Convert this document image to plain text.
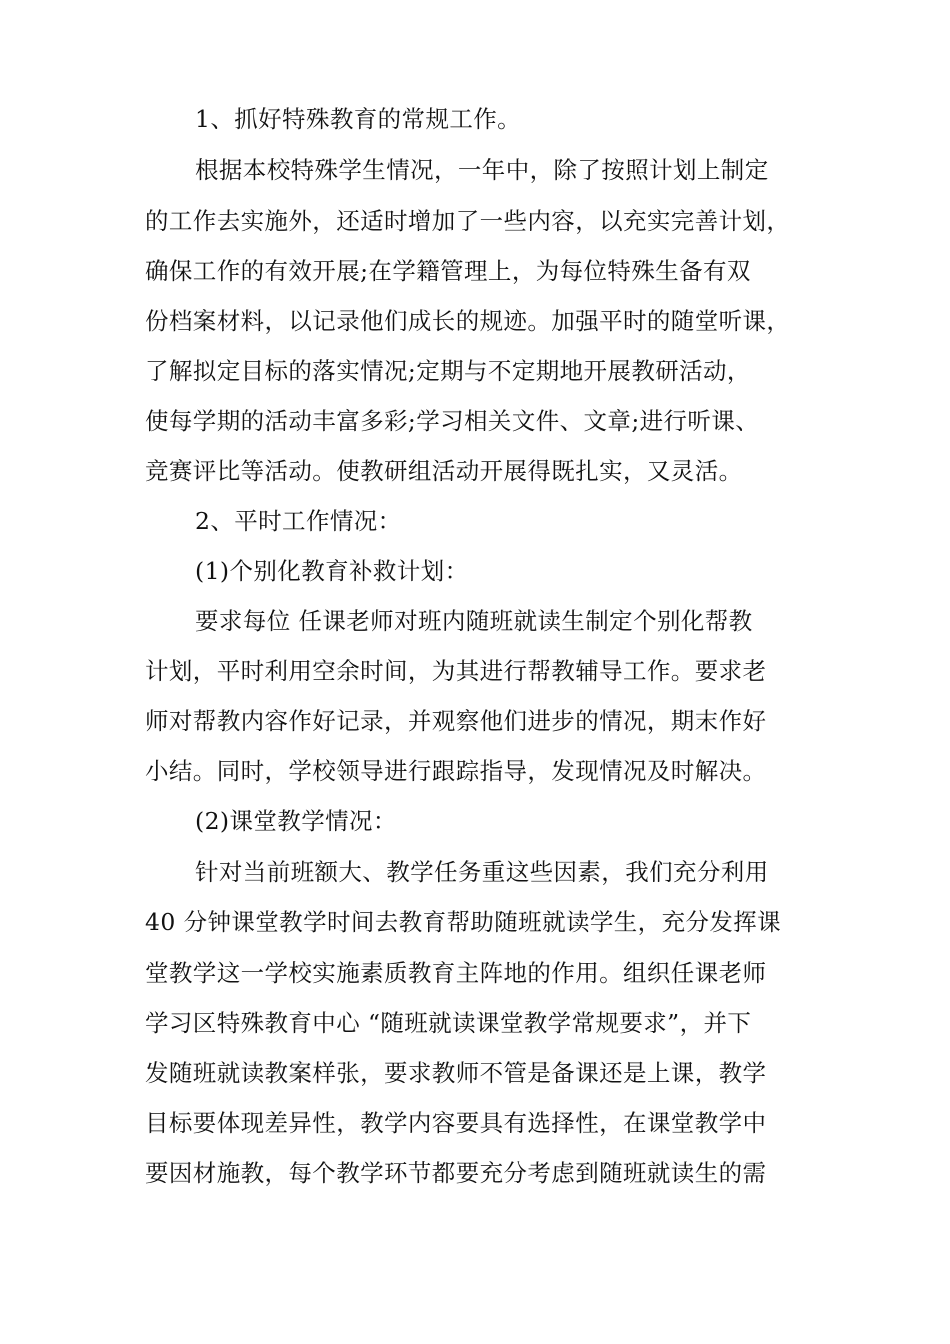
1、抓好特殊教育的常规工作。
根据本校特殊学生情况，一年中，除了按照计划上制定
的工作去实施外，还适时增加了一些内容，以充实完善计划，
确保工作的有效开展;在学籍管理上，为每位特殊生备有双
份档案材料，以记录他们成长的规迹。加强平时的随堂听课，
了解拟定目标的落实情况;定期与不定期地开展教研活动，
使每学期的活动丰富多彩;学习相关文件、文章;进行听课、
竞赛评比等活动。使教研组活动开展得既扎实，又灵活。
2、平时工作情况：
(1)个别化教育补救计划：
要求每位 任课老师对班内随班就读生制定个别化帮教
计划，平时利用空余时间，为其进行帮教辅导工作。要求老
师对帮教内容作好记录，并观察他们进步的情况，期末作好
小结。同时，学校领导进行跟踪指导，发现情况及时解决。
(2)课堂教学情况：
针对当前班额大、教学任务重这些因素，我们充分利用
40 分钟课堂教学时间去教育帮助随班就读学生，充分发挥课
堂教学这一学校实施素质教育主阵地的作用。组织任课老师
学习区特殊教育中心 “随班就读课堂教学常规要求”，并下
发随班就读教案样张，要求教师不管是备课还是上课，教学
目标要体现差异性，教学内容要具有选择性，在课堂教学中
要因材施教，每个教学环节都要充分考虑到随班就读生的需
